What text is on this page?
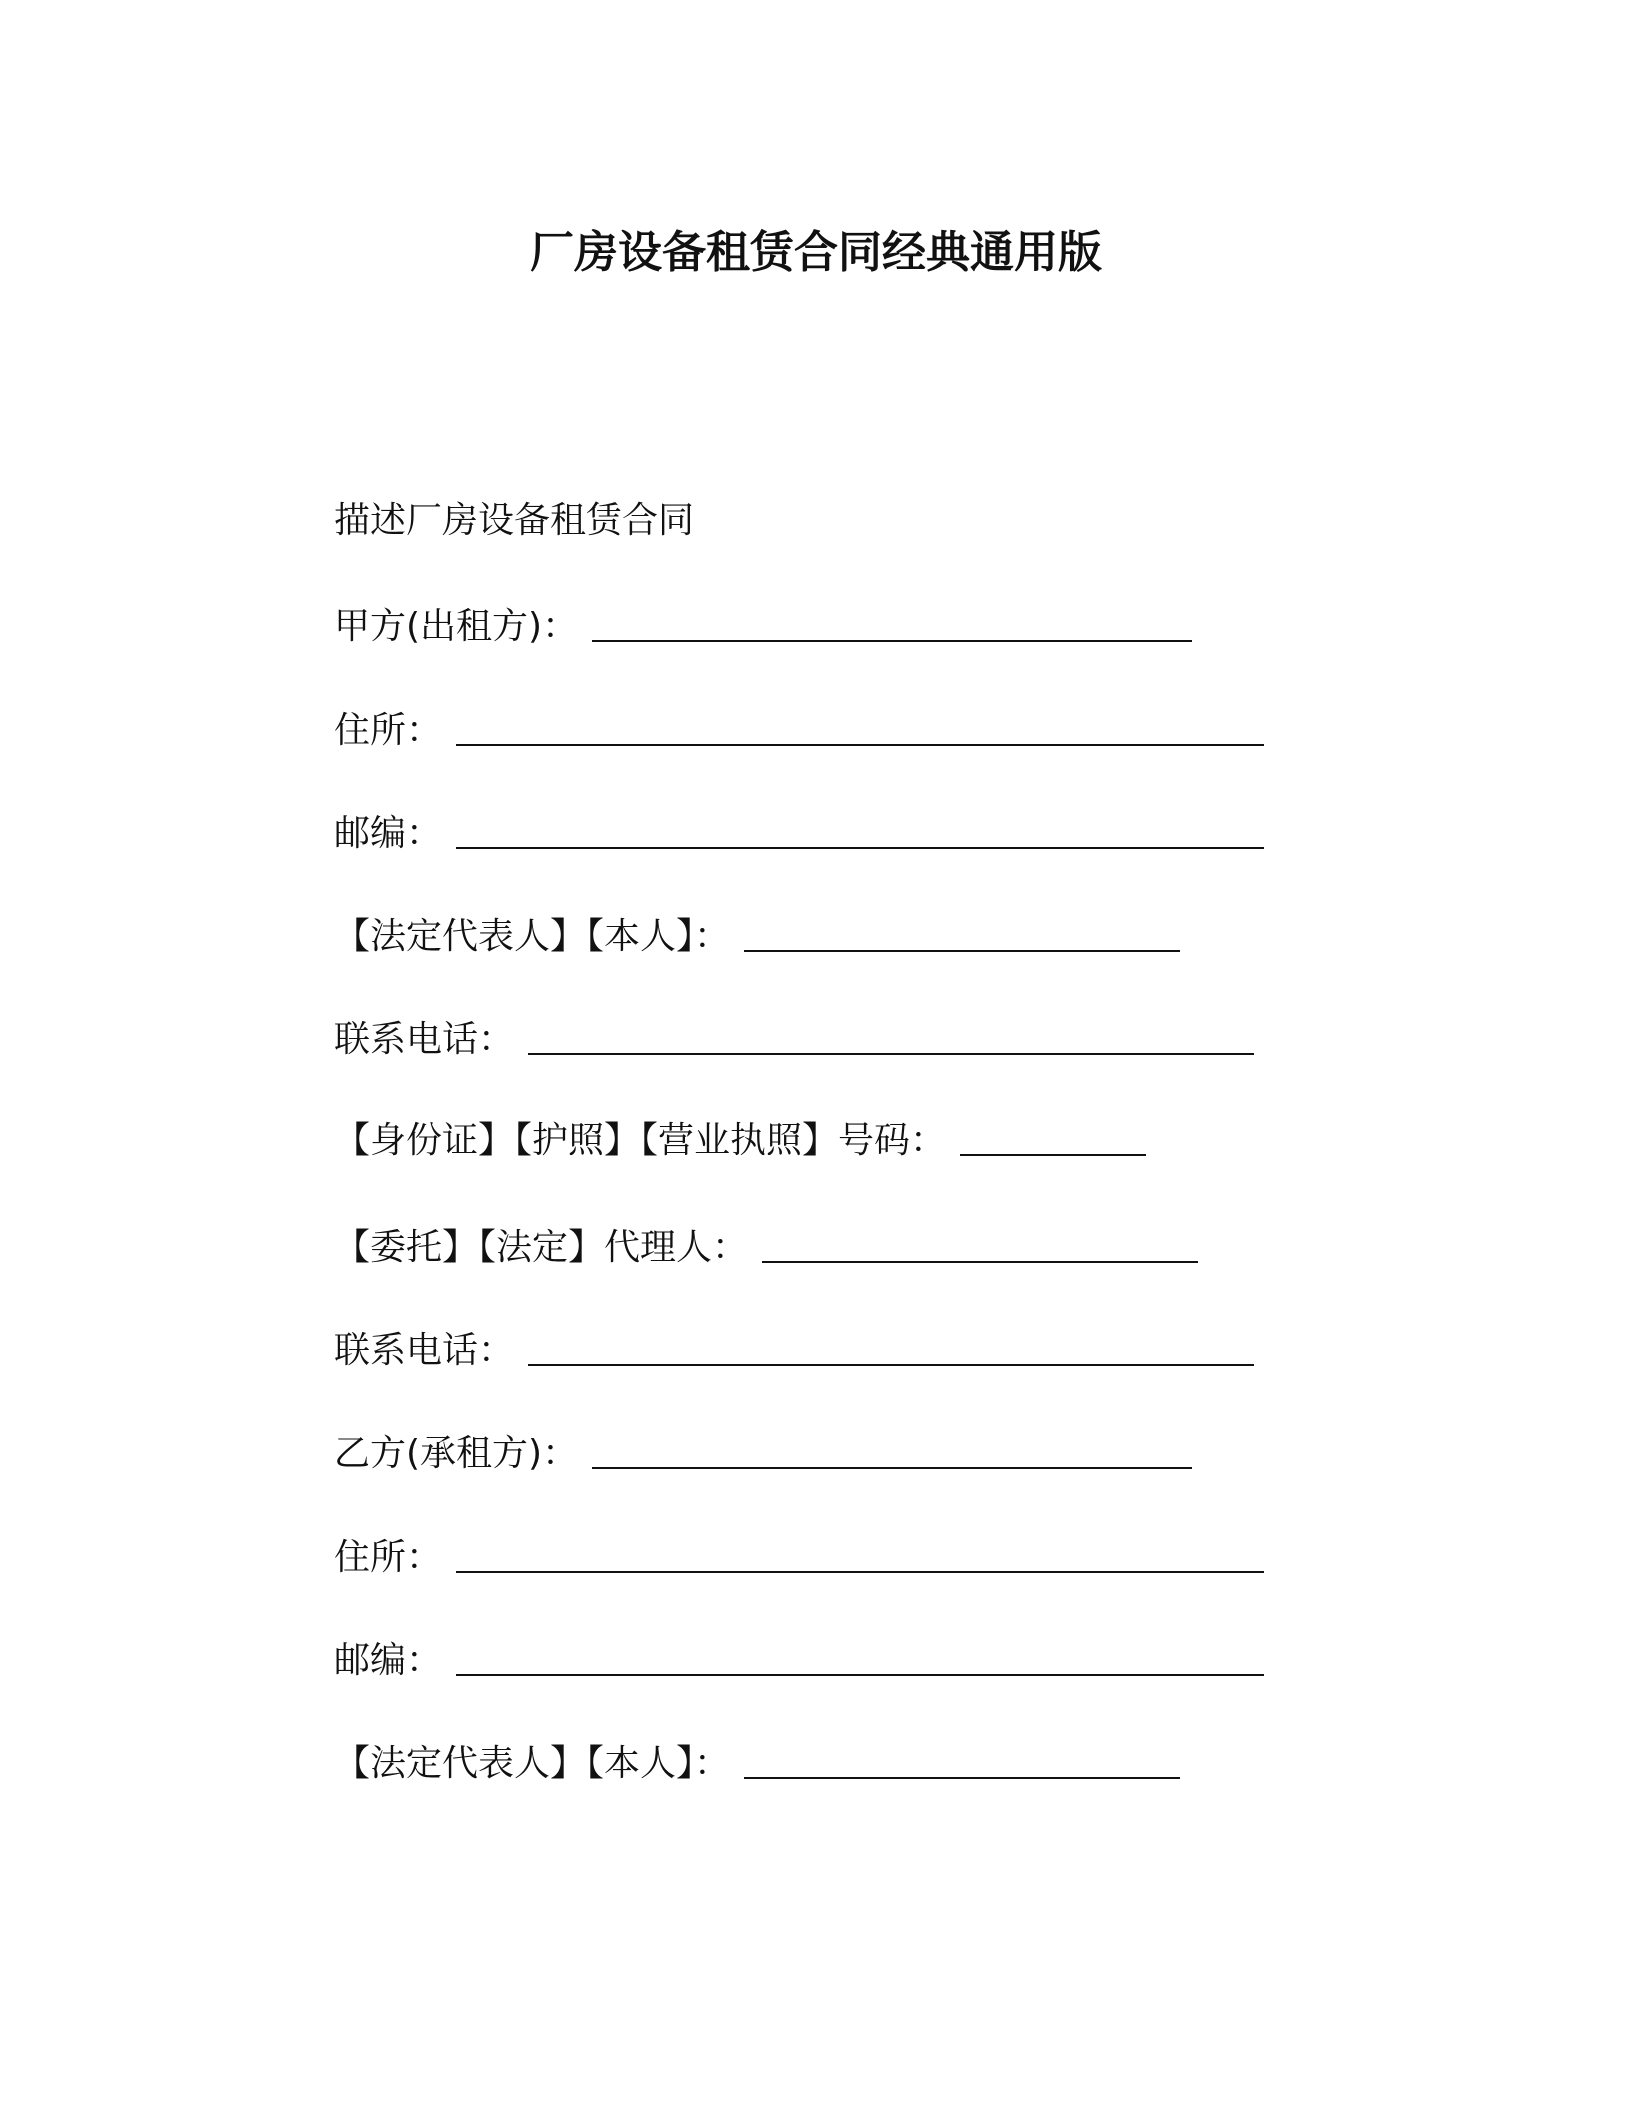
厂房设备租赁合同经典通用版

描述厂房设备租赁合同

甲方(出租方)：
住所：
邮编：
【法定代表人】【本人】：
联系电话：
【身份证】【护照】【营业执照】号码：
【委托】【法定】代理人：
联系电话：
乙方(承租方)：
住所：
邮编：
【法定代表人】【本人】：
